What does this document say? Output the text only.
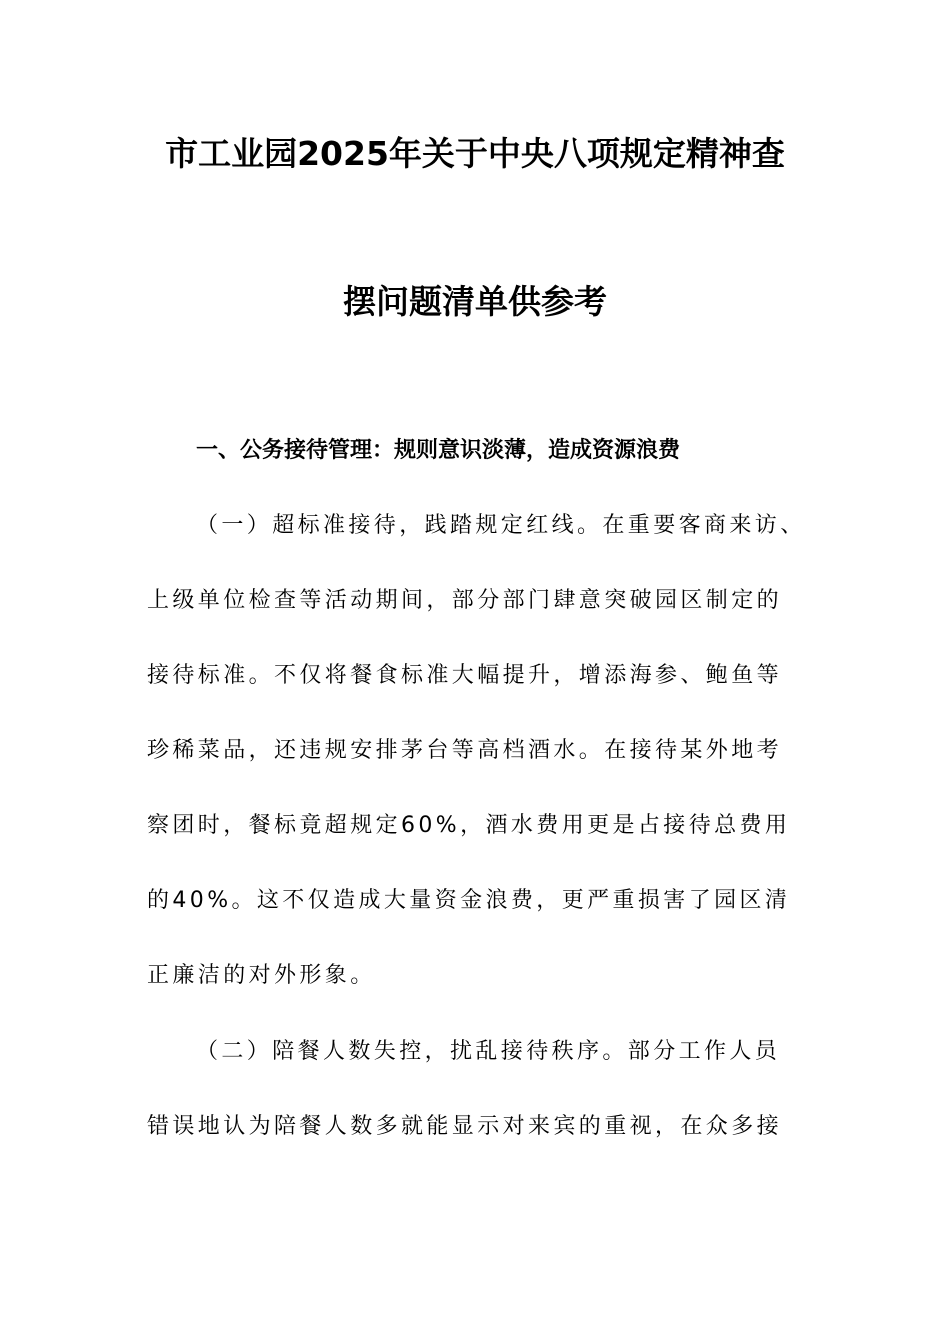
市工业园2025年关于中央八项规定精神查
摆问题清单供参考
一、公务接待管理：规则意识淡薄，造成资源浪费
（一）超标准接待，践踏规定红线。在重要客商来访、
上级单位检查等活动期间，部分部门肆意突破园区制定的
接待标准。不仅将餐食标准大幅提升，增添海参、鲍鱼等
珍稀菜品，还违规安排茅台等高档酒水。在接待某外地考
察团时，餐标竟超规定60%，酒水费用更是占接待总费用
的40%。这不仅造成大量资金浪费，更严重损害了园区清
正廉洁的对外形象。
（二）陪餐人数失控，扰乱接待秩序。部分工作人员
错误地认为陪餐人数多就能显示对来宾的重视，在众多接
